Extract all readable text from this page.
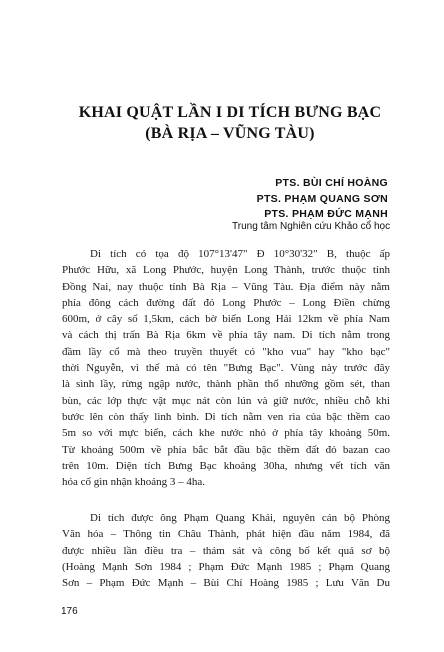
KHAI QUẬT LẦN I DI TÍCH BƯNG BẠC
(BÀ RỊA – VŨNG TÀU)
PTS. BÙI CHÍ HOÀNG
PTS. PHẠM QUANG SƠN
PTS. PHẠM ĐỨC MẠNH
Trung tâm Nghiên cứu Khảo cổ học
Di tích có tọa độ 107°13'47" Đ 10°30'32" B, thuộc ấp
Phước Hữu, xã Long Phước, huyện Long Thành, trước thuộc tỉnh
Đồng Nai, nay thuộc tỉnh Bà Rịa – Vũng Tàu. Địa điểm này nằm
phía đông cách đường đất đỏ Long Phước – Long Điền chừng
600m, ở cây số 1,5km, cách bờ biển Long Hải 12km về phía Nam
và cách thị trấn Bà Rịa 6km về phía tây nam. Di tích nằm trong
đầm lầy cổ mà theo truyền thuyết có "kho vua" hay "kho bạc"
thời Nguyễn, vì thế mà có tên "Bưng Bạc". Vùng này trước đây
là sình lầy, rừng ngập nước, thành phần thổ nhưỡng gồm sét, than
bùn, các lớp thực vật mục nát còn lún và giữ nước, nhiều chỗ khi
bước lên còn thấy lình bình. Di tích nằm ven rìa của bậc thềm cao
5m so với mực biển, cách khe nước nhỏ ở phía tây khoảng 50m.
Từ khoảng 500m về phía bắc bắt đầu bậc thềm đất đỏ bazan cao
trên 10m. Diện tích Bưng Bạc khoảng 30ha, nhưng vết tích văn
hóa cổ gìn nhận khoảng 3 – 4ha.
Di tích được ông Phạm Quang Khải, nguyên cán bộ Phòng
Văn hóa – Thông tin Châu Thành, phát hiện đầu năm 1984, đã
được nhiều lần điều tra – thám sát và công bố kết quả sơ bộ
(Hoàng Mạnh Sơn 1984 ; Phạm Đức Mạnh 1985 ; Phạm Quang
Sơn – Phạm Đức Mạnh – Bùi Chí Hoàng 1985 ; Lưu Văn Du
176
